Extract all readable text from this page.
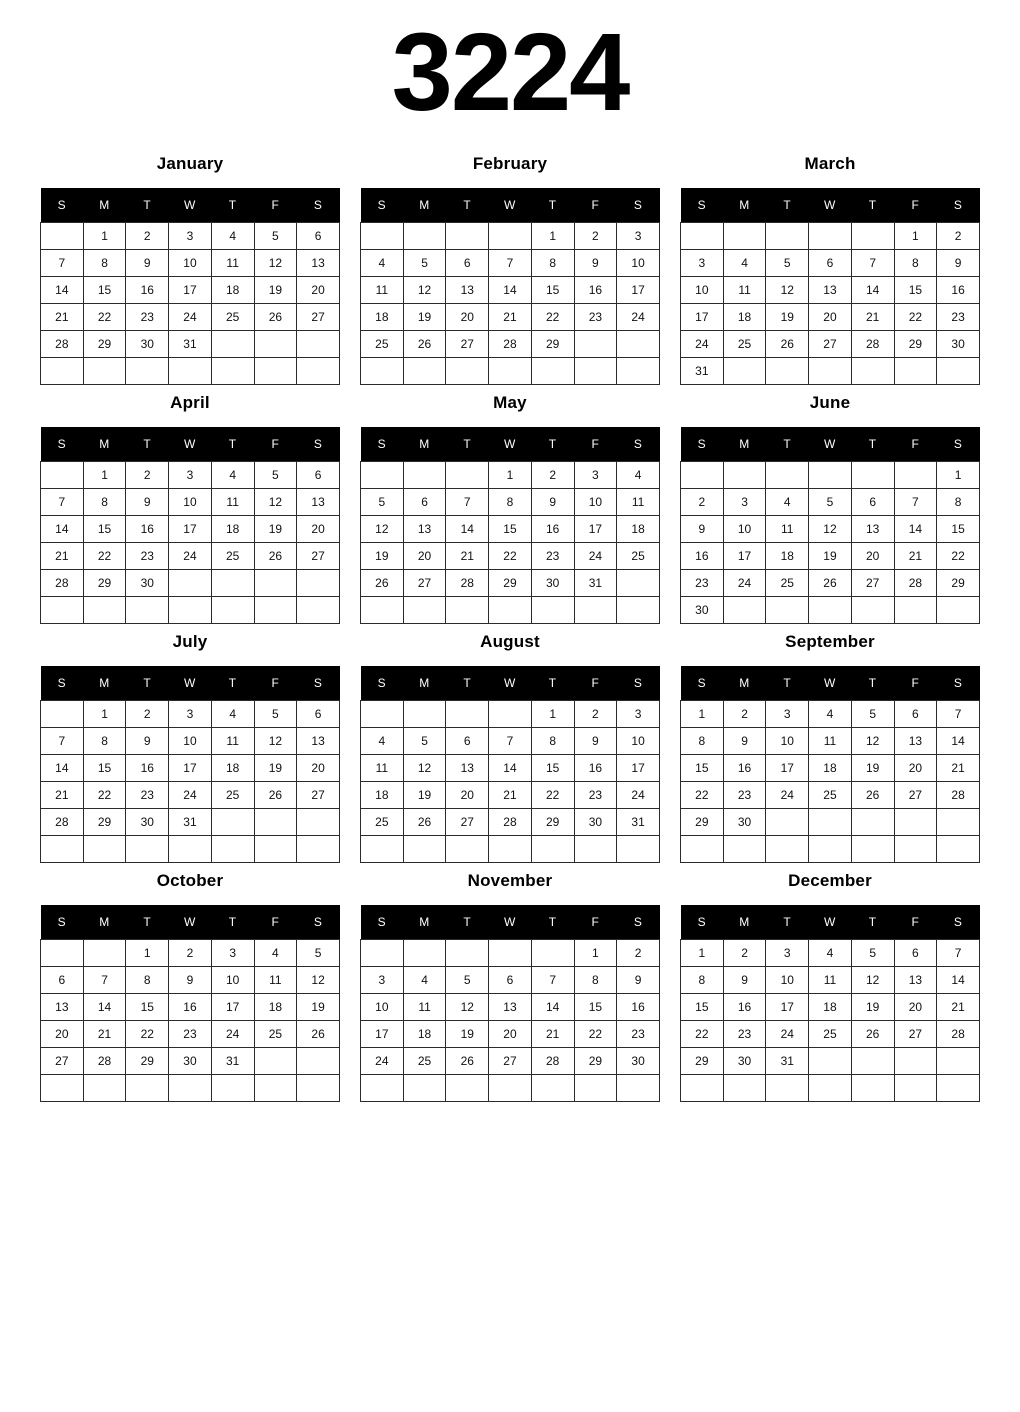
3224
January
S	M	T	W	T	F	S
	1	2	3	4	5	6
7	8	9	10	11	12	13
14	15	16	17	18	19	20
21	22	23	24	25	26	27
28	29	30	31			

February
S	M	T	W	T	F	S
				1	2	3
4	5	6	7	8	9	10
11	12	13	14	15	16	17
18	19	20	21	22	23	24
25	26	27	28	29		

March
S	M	T	W	T	F	S
					1	2
3	4	5	6	7	8	9
10	11	12	13	14	15	16
17	18	19	20	21	22	23
24	25	26	27	28	29	30
31						
April
S	M	T	W	T	F	S
	1	2	3	4	5	6
7	8	9	10	11	12	13
14	15	16	17	18	19	20
21	22	23	24	25	26	27
28	29	30				

May
S	M	T	W	T	F	S
			1	2	3	4
5	6	7	8	9	10	11
12	13	14	15	16	17	18
19	20	21	22	23	24	25
26	27	28	29	30	31	

June
S	M	T	W	T	F	S
						1
2	3	4	5	6	7	8
9	10	11	12	13	14	15
16	17	18	19	20	21	22
23	24	25	26	27	28	29
30						
July
S	M	T	W	T	F	S
	1	2	3	4	5	6
7	8	9	10	11	12	13
14	15	16	17	18	19	20
21	22	23	24	25	26	27
28	29	30	31			

August
S	M	T	W	T	F	S
				1	2	3
4	5	6	7	8	9	10
11	12	13	14	15	16	17
18	19	20	21	22	23	24
25	26	27	28	29	30	31

September
S	M	T	W	T	F	S
1	2	3	4	5	6	7
8	9	10	11	12	13	14
15	16	17	18	19	20	21
22	23	24	25	26	27	28
29	30					

October
S	M	T	W	T	F	S
		1	2	3	4	5
6	7	8	9	10	11	12
13	14	15	16	17	18	19
20	21	22	23	24	25	26
27	28	29	30	31		

November
S	M	T	W	T	F	S
					1	2
3	4	5	6	7	8	9
10	11	12	13	14	15	16
17	18	19	20	21	22	23
24	25	26	27	28	29	30

December
S	M	T	W	T	F	S
1	2	3	4	5	6	7
8	9	10	11	12	13	14
15	16	17	18	19	20	21
22	23	24	25	26	27	28
29	30	31				
